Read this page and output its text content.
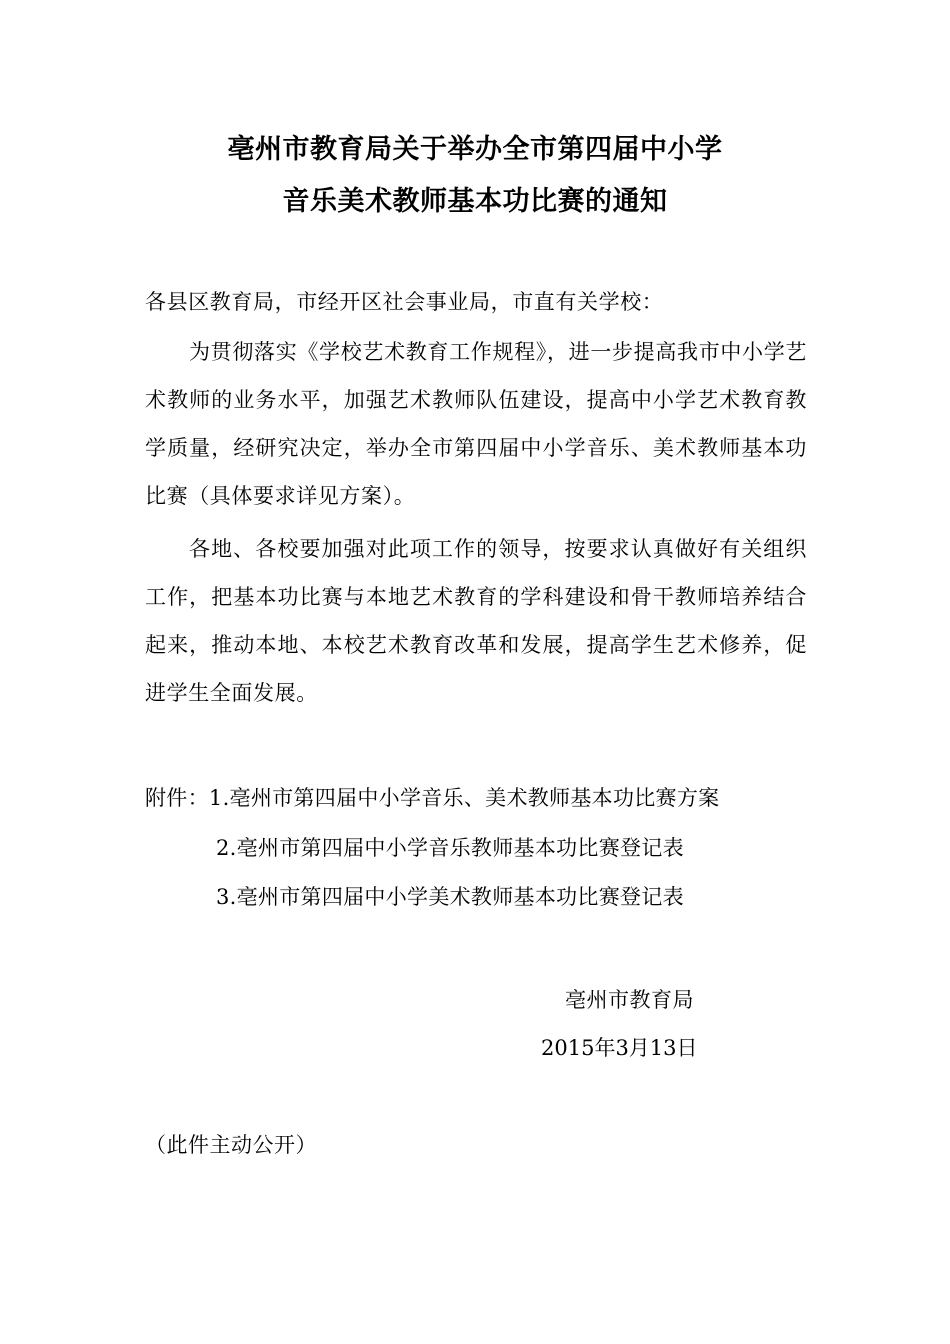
亳州市教育局关于举办全市第四届中小学
音乐美术教师基本功比赛的通知
各县区教育局，市经开区社会事业局，市直有关学校：
为贯彻落实《学校艺术教育工作规程》，进一步提高我市中小学艺术教师的业务水平，加强艺术教师队伍建设，提高中小学艺术教育教学质量，经研究决定，举办全市第四届中小学音乐、美术教师基本功比赛（具体要求详见方案）。
各地、各校要加强对此项工作的领导，按要求认真做好有关组织工作，把基本功比赛与本地艺术教育的学科建设和骨干教师培养结合起来，推动本地、本校艺术教育改革和发展，提高学生艺术修养，促进学生全面发展。
附件：1.亳州市第四届中小学音乐、美术教师基本功比赛方案
2.亳州市第四届中小学音乐教师基本功比赛登记表
3.亳州市第四届中小学美术教师基本功比赛登记表
亳州市教育局
2015年3月13日
（此件主动公开）
